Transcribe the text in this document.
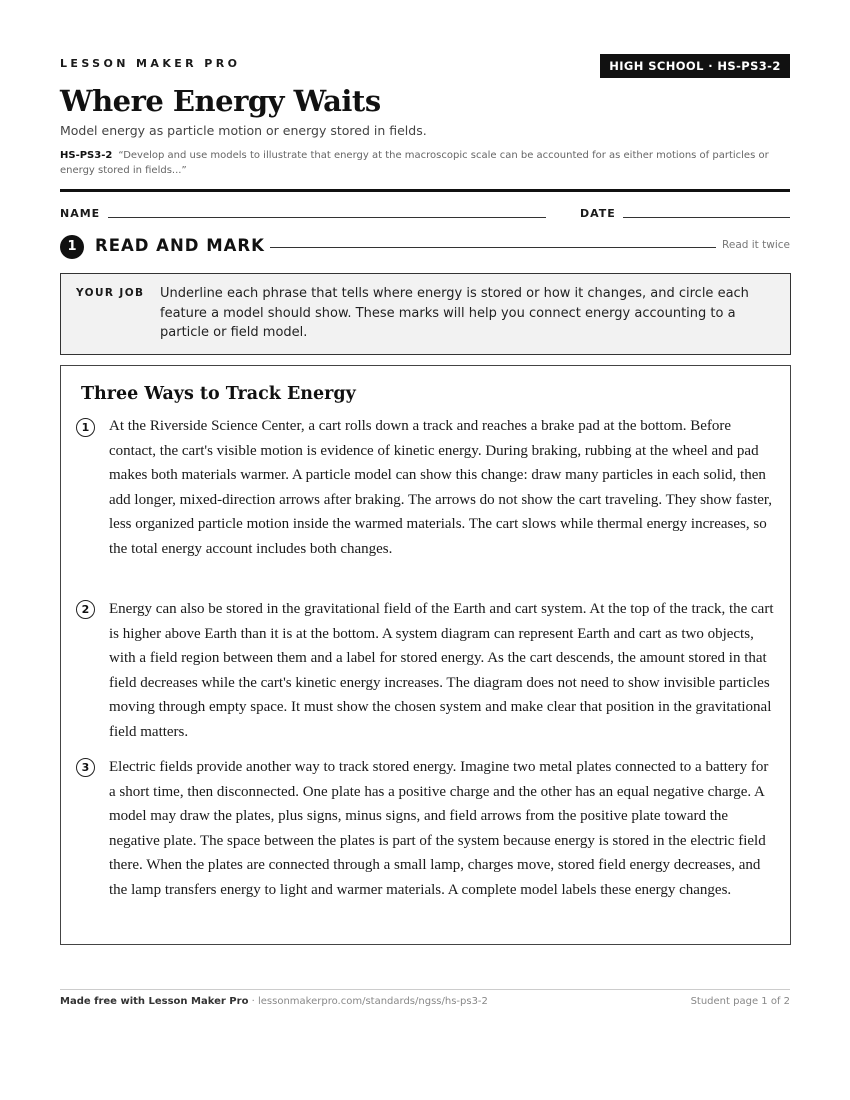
LESSON MAKER PRO	HIGH SCHOOL · HS-PS3-2
Where Energy Waits
Model energy as particle motion or energy stored in fields.
HS-PS3-2 “Develop and use models to illustrate that energy at the macroscopic scale can be accounted for as either motions of particles or energy stored in fields...”
NAME	DATE
1	READ AND MARK	Read it twice
YOUR JOB Underline each phrase that tells where energy is stored or how it changes, and circle each feature a model should show. These marks will help you connect energy accounting to a particle or field model.
Three Ways to Track Energy
1	At the Riverside Science Center, a cart rolls down a track and reaches a brake pad at the bottom. Before contact, the cart's visible motion is evidence of kinetic energy. During braking, rubbing at the wheel and pad makes both materials warmer. A particle model can show this change: draw many particles in each solid, then add longer, mixed-direction arrows after braking. The arrows do not show the cart traveling. They show faster, less organized particle motion inside the warmed materials. The cart slows while thermal energy increases, so the total energy account includes both changes.

2	Energy can also be stored in the gravitational field of the Earth and cart system. At the top of the track, the cart is higher above Earth than it is at the bottom. A system diagram can represent Earth and cart as two objects, with a field region between them and a label for stored energy. As the cart descends, the amount stored in that field decreases while the cart's kinetic energy increases. The diagram does not need to show invisible particles moving through empty space. It must show the chosen system and make clear that position in the gravitational field matters.

3	Electric fields provide another way to track stored energy. Imagine two metal plates connected to a battery for a short time, then disconnected. One plate has a positive charge and the other has an equal negative charge. A model may draw the plates, plus signs, minus signs, and field arrows from the positive plate toward the negative plate. The space between the plates is part of the system because energy is stored in the electric field there. When the plates are connected through a small lamp, charges move, stored field energy decreases, and the lamp transfers energy to light and warmer materials. A complete model labels these energy changes.

Made free with Lesson Maker Pro · lessonmakerpro.com/standards/ngss/hs-ps3-2	Student page 1 of 2
